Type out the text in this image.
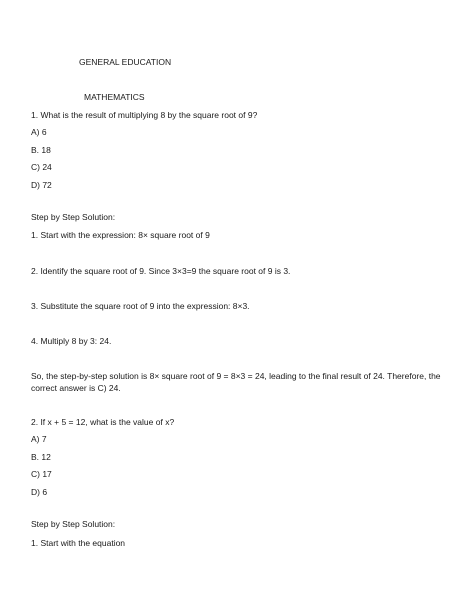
GENERAL EDUCATION
MATHEMATICS
1. What is the result of multiplying 8 by the square root of 9?
A) 6
B. 18
C) 24
D) 72
Step by Step Solution:
1. Start with the expression: 8× square root of 9
2. Identify the square root of 9. Since 3×3=9 the square root of 9 is 3.
3. Substitute the square root of 9 into the expression: 8×3.
4. Multiply 8 by 3: 24.
So, the step-by-step solution is 8× square root of 9 = 8×3 = 24, leading to the final result of 24. Therefore, the correct answer is C) 24.
2. If x + 5 = 12, what is the value of x?
A) 7
B. 12
C) 17
D) 6
Step by Step Solution:
1. Start with the equation
